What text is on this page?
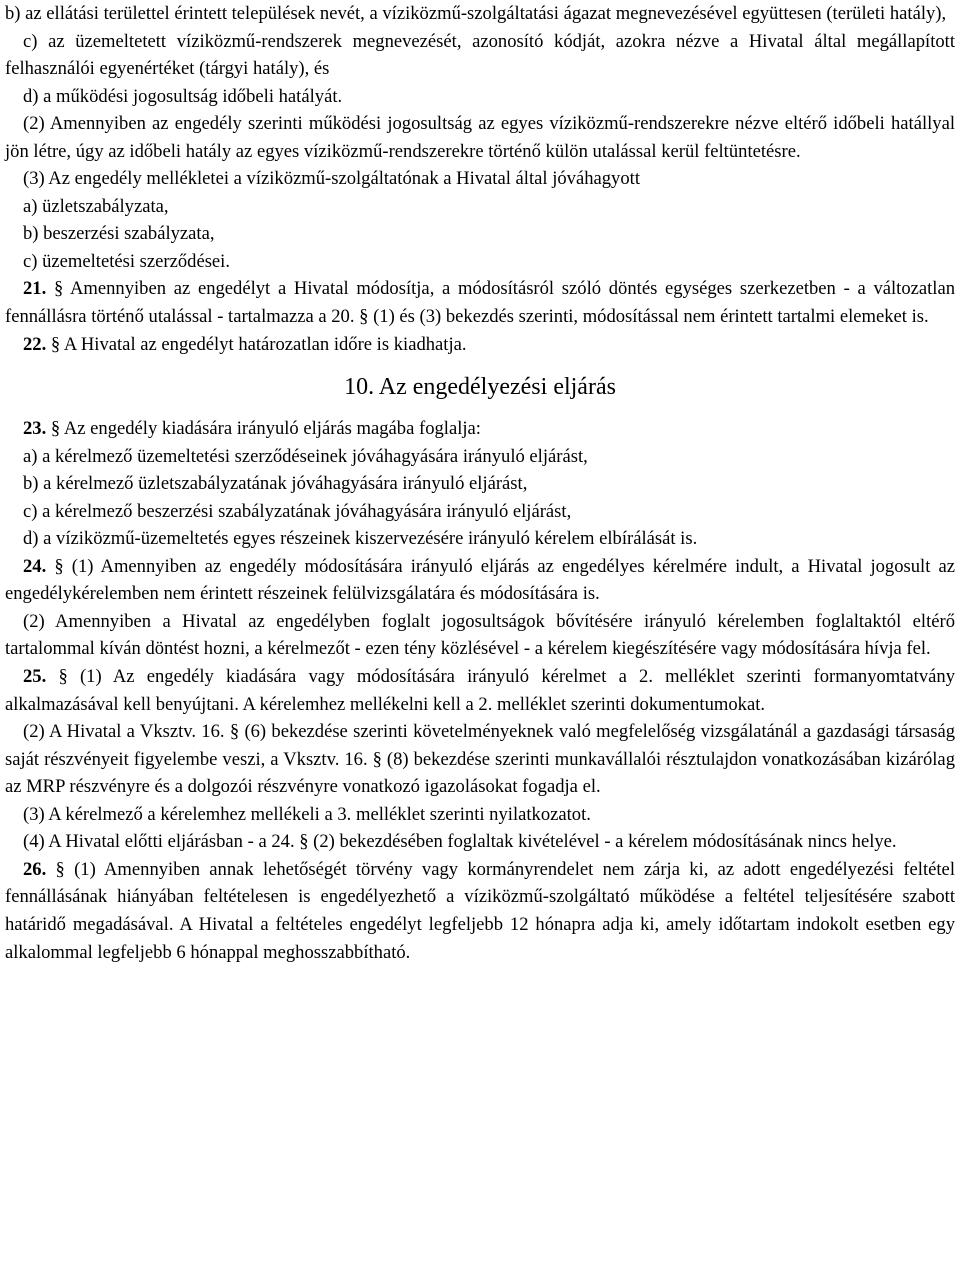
b) az ellátási területtel érintett települések nevét, a víziközmű-szolgáltatási ágazat megnevezésével együttesen (területi hatály),

c) az üzemeltetett víziközmű-rendszerek megnevezését, azonosító kódját, azokra nézve a Hivatal által megállapított felhasználói egyenértéket (tárgyi hatály), és

d) a működési jogosultság időbeli hatályát.

(2) Amennyiben az engedély szerinti működési jogosultság az egyes víziközmű-rendszerekre nézve eltérő időbeli hatállyal jön létre, úgy az időbeli hatály az egyes víziközmű-rendszerekre történő külön utalással kerül feltüntetésre.

(3) Az engedély mellékletei a víziközmű-szolgáltatónak a Hivatal által jóváhagyott

a) üzletszabályzata,

b) beszerzési szabályzata,

c) üzemeltetési szerződései.

21. § Amennyiben az engedélyt a Hivatal módosítja, a módosításról szóló döntés egységes szerkezetben - a változatlan fennállásra történő utalással - tartalmazza a 20. § (1) és (3) bekezdés szerinti, módosítással nem érintett tartalmi elemeket is.

22. § A Hivatal az engedélyt határozatlan időre is kiadhatja.

10. Az engedélyezési eljárás

23. § Az engedély kiadására irányuló eljárás magába foglalja:

a) a kérelmező üzemeltetési szerződéseinek jóváhagyására irányuló eljárást,

b) a kérelmező üzletszabályzatának jóváhagyására irányuló eljárást,

c) a kérelmező beszerzési szabályzatának jóváhagyására irányuló eljárást,

d) a víziközmű-üzemeltetés egyes részeinek kiszervezésére irányuló kérelem elbírálását is.

24. § (1) Amennyiben az engedély módosítására irányuló eljárás az engedélyes kérelmére indult, a Hivatal jogosult az engedélykérelemben nem érintett részeinek felülvizsgálatára és módosítására is.

(2) Amennyiben a Hivatal az engedélyben foglalt jogosultságok bővítésére irányuló kérelemben foglaltaktól eltérő tartalommal kíván döntést hozni, a kérelmezőt - ezen tény közlésével - a kérelem kiegészítésére vagy módosítására hívja fel.

25. § (1) Az engedély kiadására vagy módosítására irányuló kérelmet a 2. melléklet szerinti formanyomtatvány alkalmazásával kell benyújtani. A kérelemhez mellékelni kell a 2. melléklet szerinti dokumentumokat.

(2) A Hivatal a Vksztv. 16. § (6) bekezdése szerinti követelményeknek való megfelelőség vizsgálatánál a gazdasági társaság saját részvényeit figyelembe veszi, a Vksztv. 16. § (8) bekezdése szerinti munkavállalói résztulajdon vonatkozásában kizárólag az MRP részvényre és a dolgozói részvényre vonatkozó igazolásokat fogadja el.

(3) A kérelmező a kérelemhez mellékeli a 3. melléklet szerinti nyilatkozatot.

(4) A Hivatal előtti eljárásban - a 24. § (2) bekezdésében foglaltak kivételével - a kérelem módosításának nincs helye.

26. § (1) Amennyiben annak lehetőségét törvény vagy kormányrendelet nem zárja ki, az adott engedélyezési feltétel fennállásának hiányában feltételesen is engedélyezhető a víziközmű-szolgáltató működése a feltétel teljesítésére szabott határidő megadásával. A Hivatal a feltételes engedélyt legfeljebb 12 hónapra adja ki, amely időtartam indokolt esetben egy alkalommal legfeljebb 6 hónappal meghosszabbítható.
